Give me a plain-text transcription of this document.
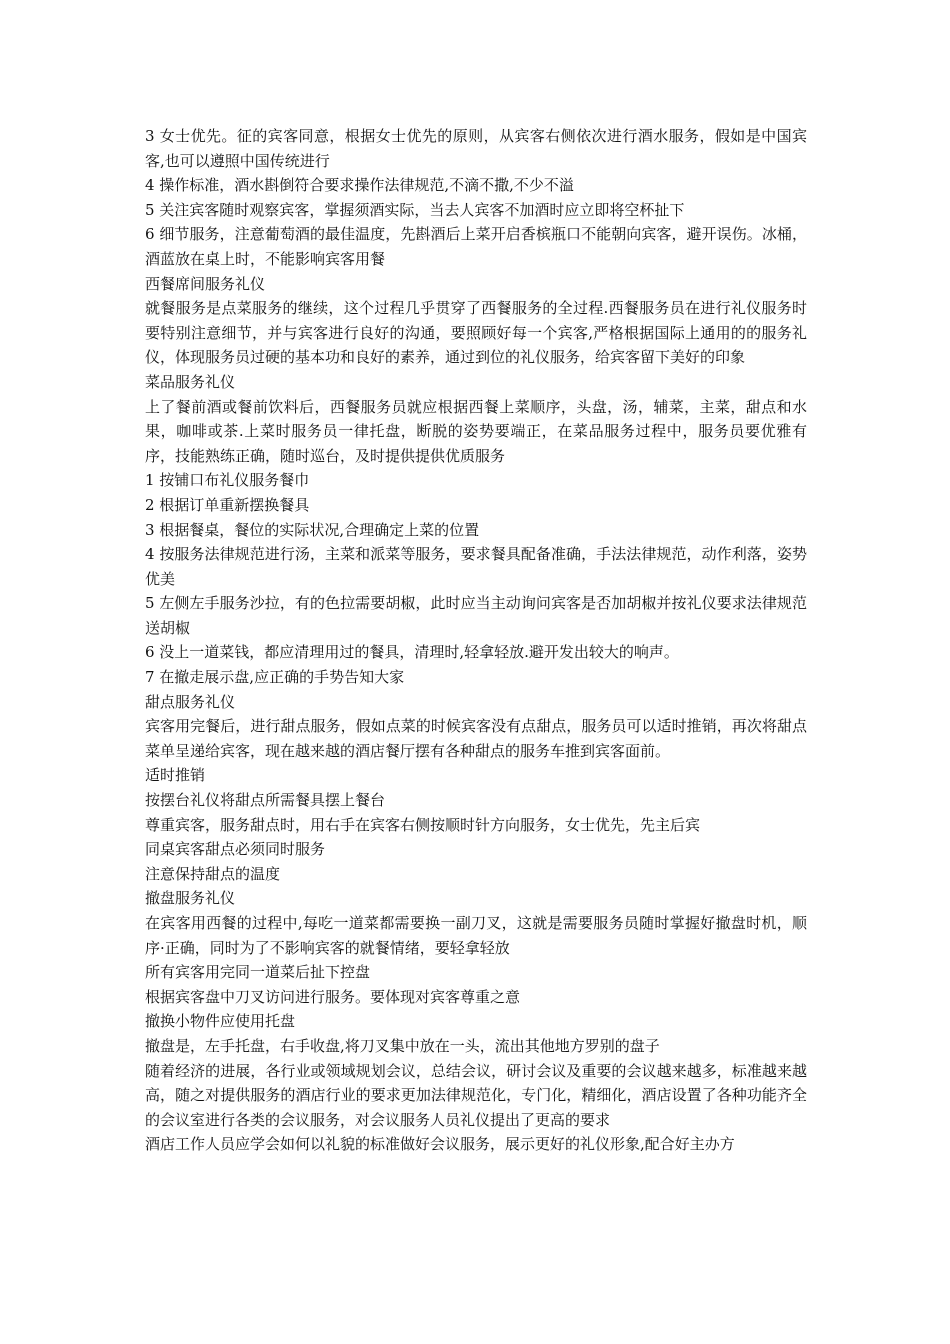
3 女士优先。征的宾客同意，根据女士优先的原则，从宾客右侧依次进行酒水服务，假如是中国宾客,也可以遵照中国传统进行

4 操作标准，酒水斟倒符合要求操作法律规范,不滴不撒,不少不溢

5 关注宾客随时观察宾客，掌握须酒实际，当去人宾客不加酒时应立即将空杯扯下

6 细节服务，注意葡萄酒的最佳温度，先斟酒后上菜开启香槟瓶口不能朝向宾客，避开误伤。冰桶，酒蓝放在桌上时，不能影响宾客用餐

西餐席间服务礼仪

就餐服务是点菜服务的继续，这个过程几乎贯穿了西餐服务的全过程.西餐服务员在进行礼仪服务时要特别注意细节，并与宾客进行良好的沟通，要照顾好每一个宾客,严格根据国际上通用的的服务礼仪，体现服务员过硬的基本功和良好的素养，通过到位的礼仪服务，给宾客留下美好的印象

菜品服务礼仪

上了餐前酒或餐前饮料后，西餐服务员就应根据西餐上菜顺序，头盘，汤，辅菜，主菜，甜点和水果，咖啡或茶.上菜时服务员一律托盘，断脱的姿势要端正，在菜品服务过程中，服务员要优雅有序，技能熟练正确，随时巡台，及时提供提供优质服务

1 按铺口布礼仪服务餐巾

2 根据订单重新摆换餐具

3 根据餐桌，餐位的实际状况,合理确定上菜的位置

4 按服务法律规范进行汤，主菜和派菜等服务，要求餐具配备准确，手法法律规范，动作利落，姿势优美

5 左侧左手服务沙拉，有的色拉需要胡椒，此时应当主动询问宾客是否加胡椒并按礼仪要求法律规范送胡椒

6 没上一道菜钱，都应清理用过的餐具，清理时,轻拿轻放.避开发出较大的响声。

7 在撤走展示盘,应正确的手势告知大家

甜点服务礼仪

宾客用完餐后，进行甜点服务，假如点菜的时候宾客没有点甜点，服务员可以适时推销，再次将甜点菜单呈递给宾客，现在越来越的酒店餐厅摆有各种甜点的服务车推到宾客面前。

适时推销

按摆台礼仪将甜点所需餐具摆上餐台

尊重宾客，服务甜点时，用右手在宾客右侧按顺时针方向服务，女士优先，先主后宾

同桌宾客甜点必须同时服务

注意保持甜点的温度

撤盘服务礼仪

在宾客用西餐的过程中,每吃一道菜都需要换一副刀叉，这就是需要服务员随时掌握好撤盘时机，顺序·正确，同时为了不影响宾客的就餐情绪，要轻拿轻放

所有宾客用完同一道菜后扯下控盘

根据宾客盘中刀叉访问进行服务。要体现对宾客尊重之意

撤换小物件应使用托盘

撤盘是，左手托盘，右手收盘,将刀叉集中放在一头，流出其他地方罗别的盘子

随着经济的进展，各行业或领域规划会议，总结会议，研讨会议及重要的会议越来越多，标准越来越高，随之对提供服务的酒店行业的要求更加法律规范化，专门化，精细化，酒店设置了各种功能齐全的会议室进行各类的会议服务，对会议服务人员礼仪提出了更高的要求

酒店工作人员应学会如何以礼貌的标准做好会议服务，展示更好的礼仪形象,配合好主办方
